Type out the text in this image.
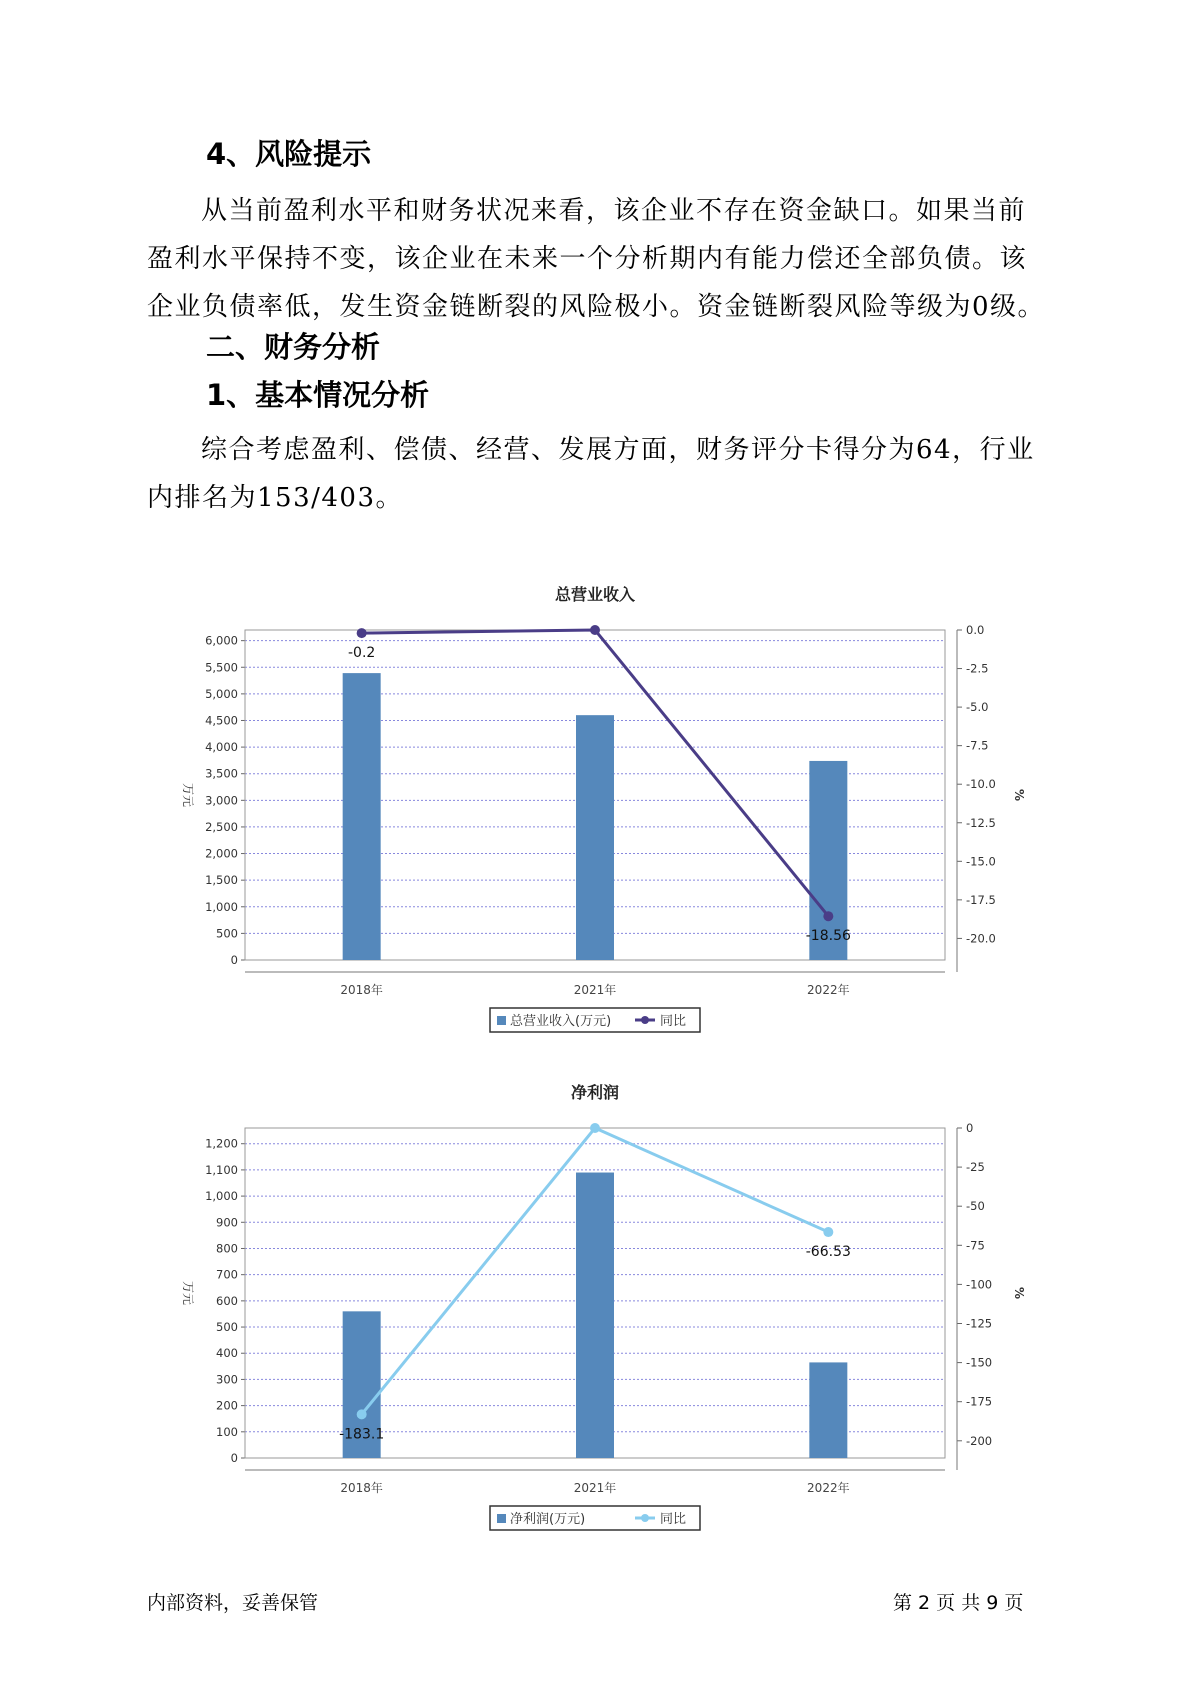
4、风险提示

从当前盈利水平和财务状况来看，该企业不存在资金缺口。如果当前盈利水平保持不变，该企业在未来一个分析期内有能力偿还全部负债。该企业负债率低，发生资金链断裂的风险极小。资金链断裂风险等级为0级。

二、财务分析
1、基本情况分析

综合考虑盈利、偿债、经营、发展方面，财务评分卡得分为64，行业内排名为153/403。

总营业收入
0
500
1,000
1,500
2,000
2,500
3,000
3,500
4,000
4,500
5,000
5,500
6,000
0.0
-2.5
-5.0
-7.5
-10.0
-12.5
-15.0
-17.5
-20.0
万元	%
2018年	2021年	2022年
-0.2
-18.56
总营业收入(万元)	同比
净利润
0
100
200
300
400
500
600
700
800
900
1,000
1,100
1,200
0
-25
-50
-75
-100
-125
-150
-175
-200
万元	%
2018年	2021年	2022年
-183.1
-66.53
净利润(万元)	同比
内部资料，妥善保管	第 2 页 共 9 页
